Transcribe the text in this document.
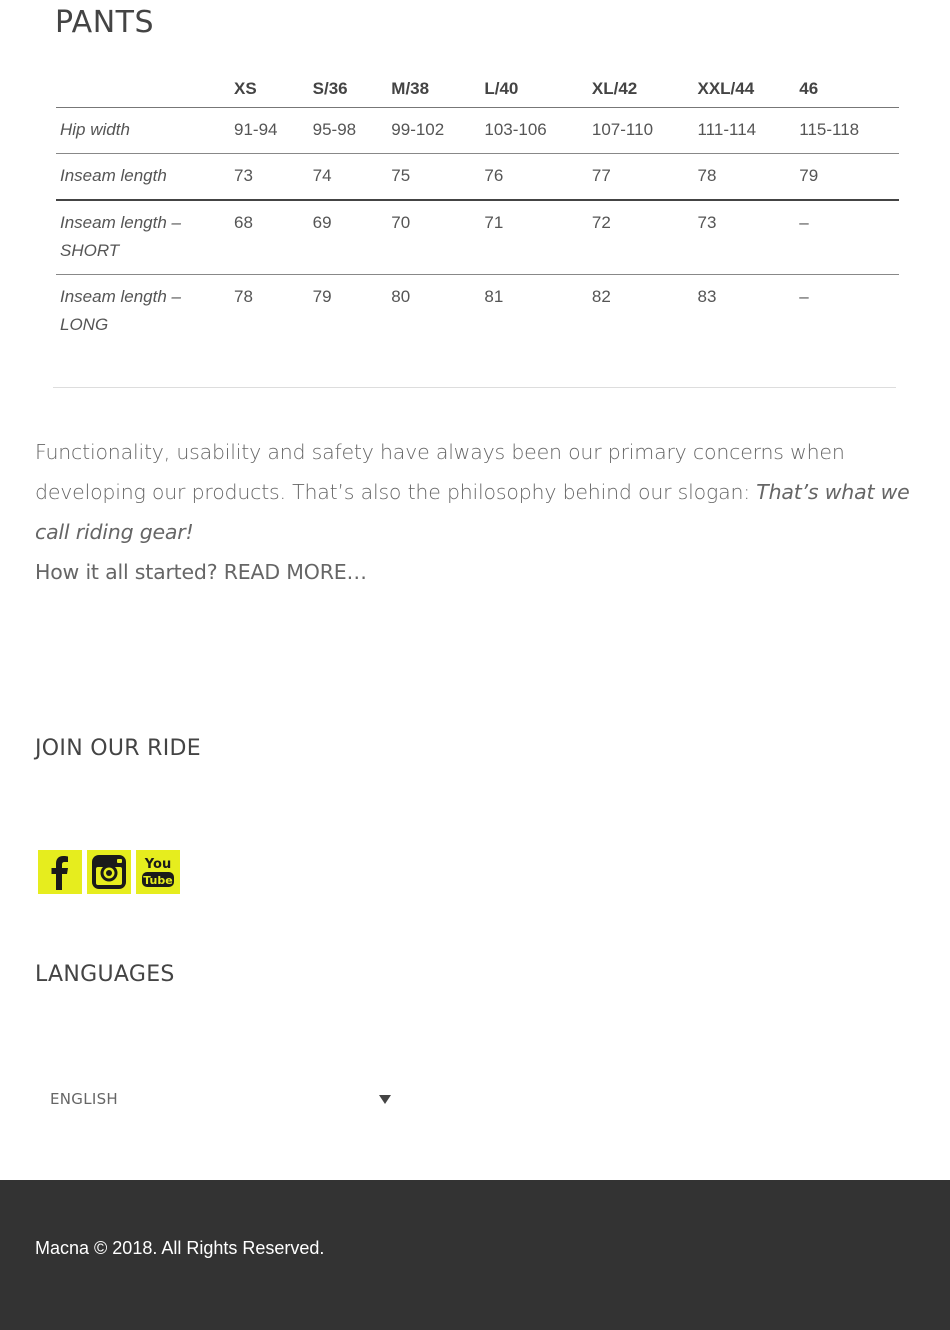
PANTS
	XS	S/36	M/38	L/40	XL/42	XXL/44	46
Hip width	91-94	95-98	99-102	103-106	107-110	111-114	115-118
Inseam length	73	74	75	76	77	78	79
Inseam length – SHORT	68	69	70	71	72	73	–
Inseam length – LONG	78	79	80	81	82	83	–

Functionality, usability and safety have always been our primary concerns when developing our products. That’s also the philosophy behind our slogan: That’s what we call riding gear!

How it all started? READ MORE…

JOIN OUR RIDE
You
Tube
LANGUAGES
ENGLISH

Macna © 2018. All Rights Reserved.
